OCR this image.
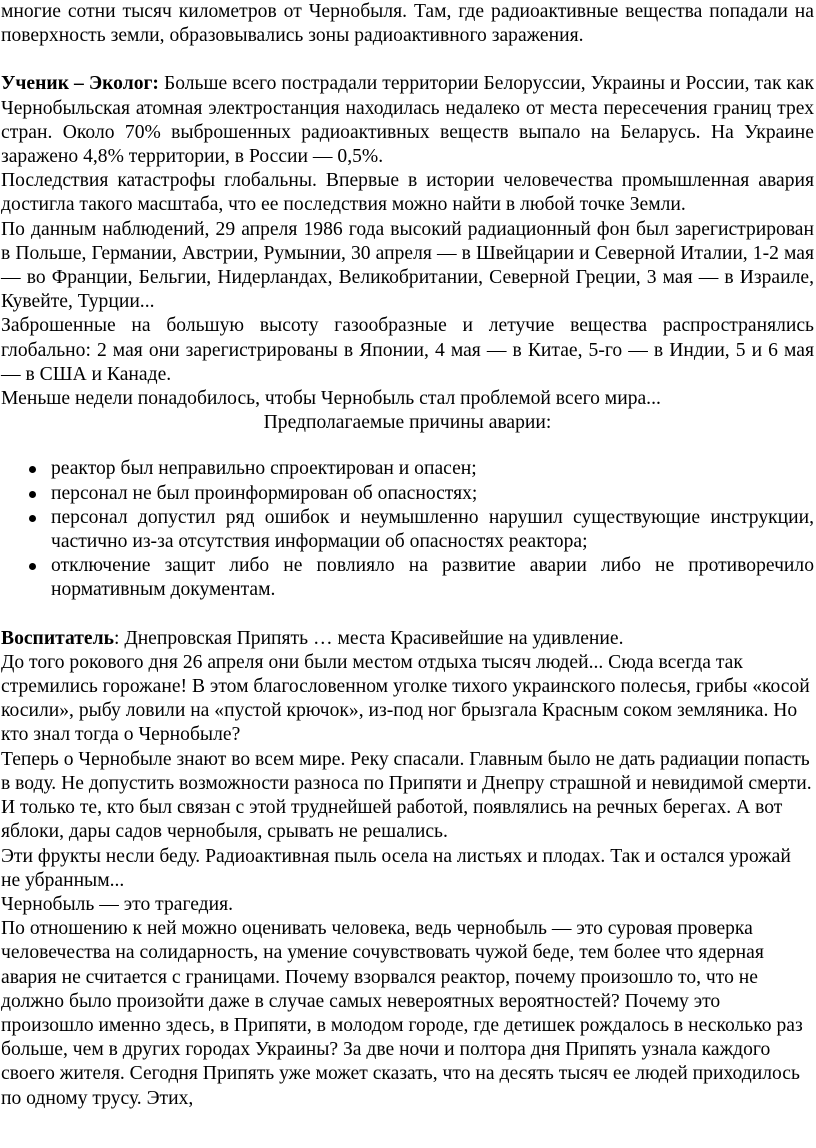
многие сотни тысяч километров от Чернобыля. Там, где радиоактивные вещества попадали на поверхность земли, образовывались зоны радиоактивного заражения.

Ученик – Эколог: Больше всего пострадали территории Белоруссии, Украины и России, так как Чернобыльская атомная электростанция находилась недалеко от места пересечения границ трех стран. Около 70% выброшенных радиоактивных веществ выпало на Беларусь. На Украине заражено 4,8% территории, в России — 0,5%.

Последствия катастрофы глобальны. Впервые в истории человечества промышленная авария достигла такого масштаба, что ее последствия можно найти в любой точке Земли.

По данным наблюдений, 29 апреля 1986 года высокий радиационный фон был зарегистрирован в Польше, Германии, Австрии, Румынии, 30 апреля — в Швейцарии и Северной Италии, 1-2 мая — во Франции, Бельгии, Нидерландах, Великобритании, Северной Греции, 3 мая — в Израиле, Кувейте, Турции...

Заброшенные на большую высоту газообразные и летучие вещества распространялись глобально: 2 мая они зарегистрированы в Японии, 4 мая — в Китае, 5-го — в Индии, 5 и 6 мая — в США и Канаде.

Меньше недели понадобилось, чтобы Чернобыль стал проблемой всего мира...

Предполагаемые причины аварии:

реактор был неправильно спроектирован и опасен;
персонал не был проинформирован об опасностях;
персонал допустил ряд ошибок и неумышленно нарушил существующие инструкции, частично из-за отсутствия информации об опасностях реактора;
отключение защит либо не повлияло на развитие аварии либо не противоречило нормативным документам.

Воспитатель: Днепровская Припять … места Красивейшие на удивление.

До того рокового дня 26 апреля они были местом отдыха тысяч людей... Сюда всегда так стремились горожане! В этом благословенном уголке тихого украинского полесья, грибы «косой косили», рыбу ловили на «пустой крючок», из-под ног брызгала Красным соком земляника. Но кто знал тогда о Чернобыле?

Теперь о Чернобыле знают во всем мире. Реку спасали. Главным было не дать радиации попасть в воду. Не допустить возможности разноса по Припяти и Днепру страшной и невидимой смерти. И только те, кто был связан с этой труднейшей работой, появлялись на речных берегах. А вот яблоки, дары садов чернобыля, срывать не решались.

Эти фрукты несли беду. Радиоактивная пыль осела на листьях и плодах. Так и остался урожай не убранным...

Чернобыль — это трагедия.

По отношению к ней можно оценивать человека, ведь чернобыль — это суровая проверка человечества на солидарность, на умение сочувствовать чужой беде, тем более что ядерная авария не считается с границами. Почему взорвался реактор, почему произошло то, что не должно было произойти даже в случае самых невероятных вероятностей? Почему это произошло именно здесь, в Припяти, в молодом городе, где детишек рождалось в несколько раз больше, чем в других городах Украины? За две ночи и полтора дня Припять узнала каждого своего жителя. Сегодня Припять уже может сказать, что на десять тысяч ее людей приходилось по одному трусу. Этих,
